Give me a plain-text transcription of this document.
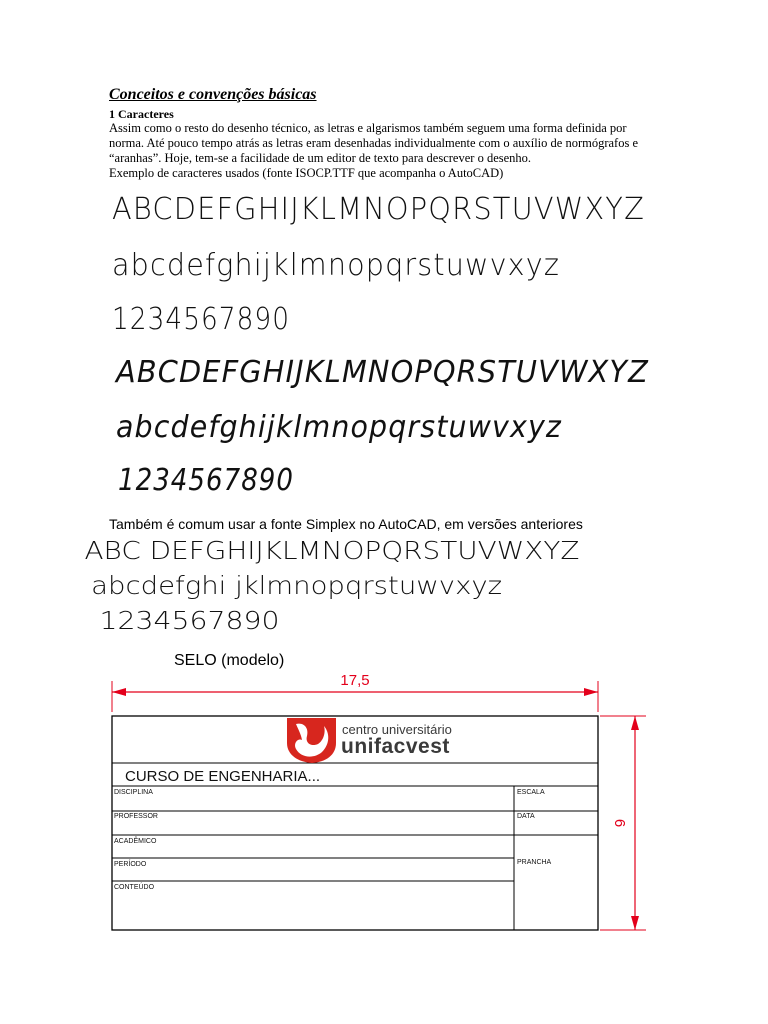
Conceitos e convenções básicas
1 Caracteres
Assim como o resto do desenho técnico, as letras e algarismos também seguem uma forma definida por
norma. Até pouco tempo atrás as letras eram desenhadas individualmente com o auxílio de normógrafos e
“aranhas”. Hoje, tem-se a facilidade de um editor de texto para descrever o desenho.
Exemplo de caracteres usados (fonte ISOCP.TTF que acompanha o AutoCAD)
ABCDEFGHIJKLMNOPQRSTUVWXYZ
abcdefghijklmnopqrstuwvxyz
1234567890
ABCDEFGHIJKLMNOPQRSTUVWXYZ
abcdefghijklmnopqrstuwvxyz
1234567890
Também é comum usar a fonte Simplex no AutoCAD, em versões anteriores
ABC DEFGHIJKLMNOPQRSTUVWXYZ
abcdefghi jklmnopqrstuwvxyz
1234567890
SELO (modelo)
17,5
6
centro universitário
unifacvest
CURSO DE ENGENHARIA...
DISCIPLINA
PROFESSOR
ACADÊMICO
PERÍODO
CONTEÚDO
ESCALA
DATA
PRANCHA
